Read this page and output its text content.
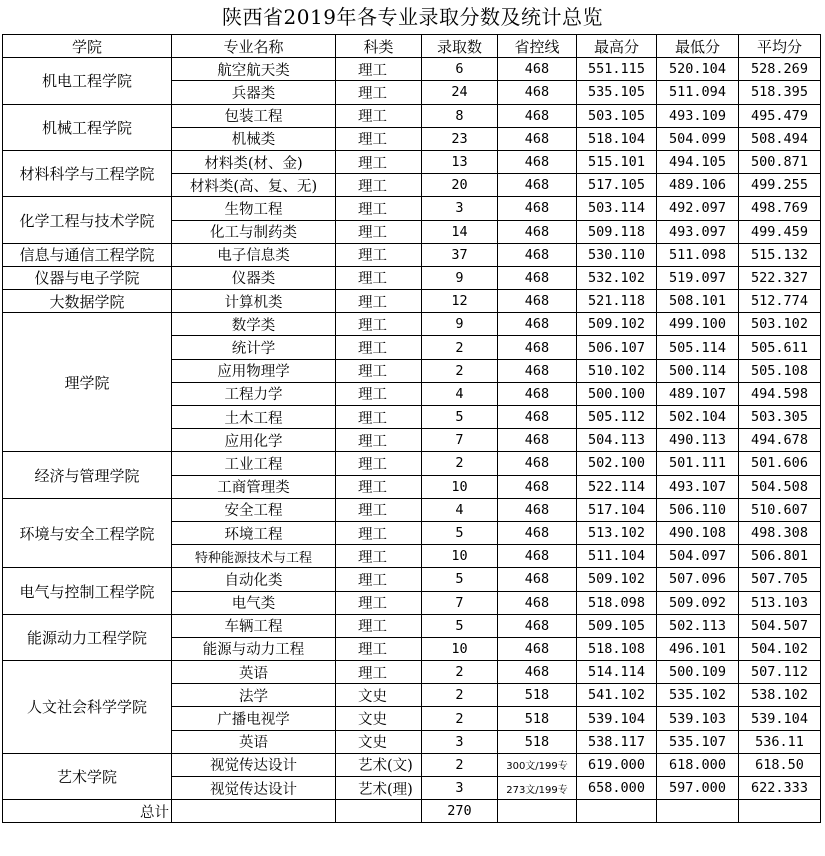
陕西省2019年各专业录取分数及统计总览
学院	专业名称	科类	录取数	省控线	最高分	最低分	平均分
机电工程学院	航空航天类	理工	6	468	551.115	520.104	528.269
	兵器类	理工	24	468	535.105	511.094	518.395
机械工程学院	包装工程	理工	8	468	503.105	493.109	495.479
	机械类	理工	23	468	518.104	504.099	508.494
材料科学与工程学院	材料类(材、金)	理工	13	468	515.101	494.105	500.871
	材料类(高、复、无)	理工	20	468	517.105	489.106	499.255
化学工程与技术学院	生物工程	理工	3	468	503.114	492.097	498.769
	化工与制药类	理工	14	468	509.118	493.097	499.459
信息与通信工程学院	电子信息类	理工	37	468	530.110	511.098	515.132
仪器与电子学院	仪器类	理工	9	468	532.102	519.097	522.327
大数据学院	计算机类	理工	12	468	521.118	508.101	512.774
理学院	数学类	理工	9	468	509.102	499.100	503.102
	统计学	理工	2	468	506.107	505.114	505.611
	应用物理学	理工	2	468	510.102	500.114	505.108
	工程力学	理工	4	468	500.100	489.107	494.598
	土木工程	理工	5	468	505.112	502.104	503.305
	应用化学	理工	7	468	504.113	490.113	494.678
经济与管理学院	工业工程	理工	2	468	502.100	501.111	501.606
	工商管理类	理工	10	468	522.114	493.107	504.508
环境与安全工程学院	安全工程	理工	4	468	517.104	506.110	510.607
	环境工程	理工	5	468	513.102	490.108	498.308
	特种能源技术与工程	理工	10	468	511.104	504.097	506.801
电气与控制工程学院	自动化类	理工	5	468	509.102	507.096	507.705
	电气类	理工	7	468	518.098	509.092	513.103
能源动力工程学院	车辆工程	理工	5	468	509.105	502.113	504.507
	能源与动力工程	理工	10	468	518.108	496.101	504.102
人文社会科学学院	英语	理工	2	468	514.114	500.109	507.112
	法学	文史	2	518	541.102	535.102	538.102
	广播电视学	文史	2	518	539.104	539.103	539.104
	英语	文史	3	518	538.117	535.107	536.11
艺术学院	视觉传达设计	艺术(文)	2	300文/199专	619.000	618.000	618.50
	视觉传达设计	艺术(理)	3	273文/199专	658.000	597.000	622.333
总计			270				
